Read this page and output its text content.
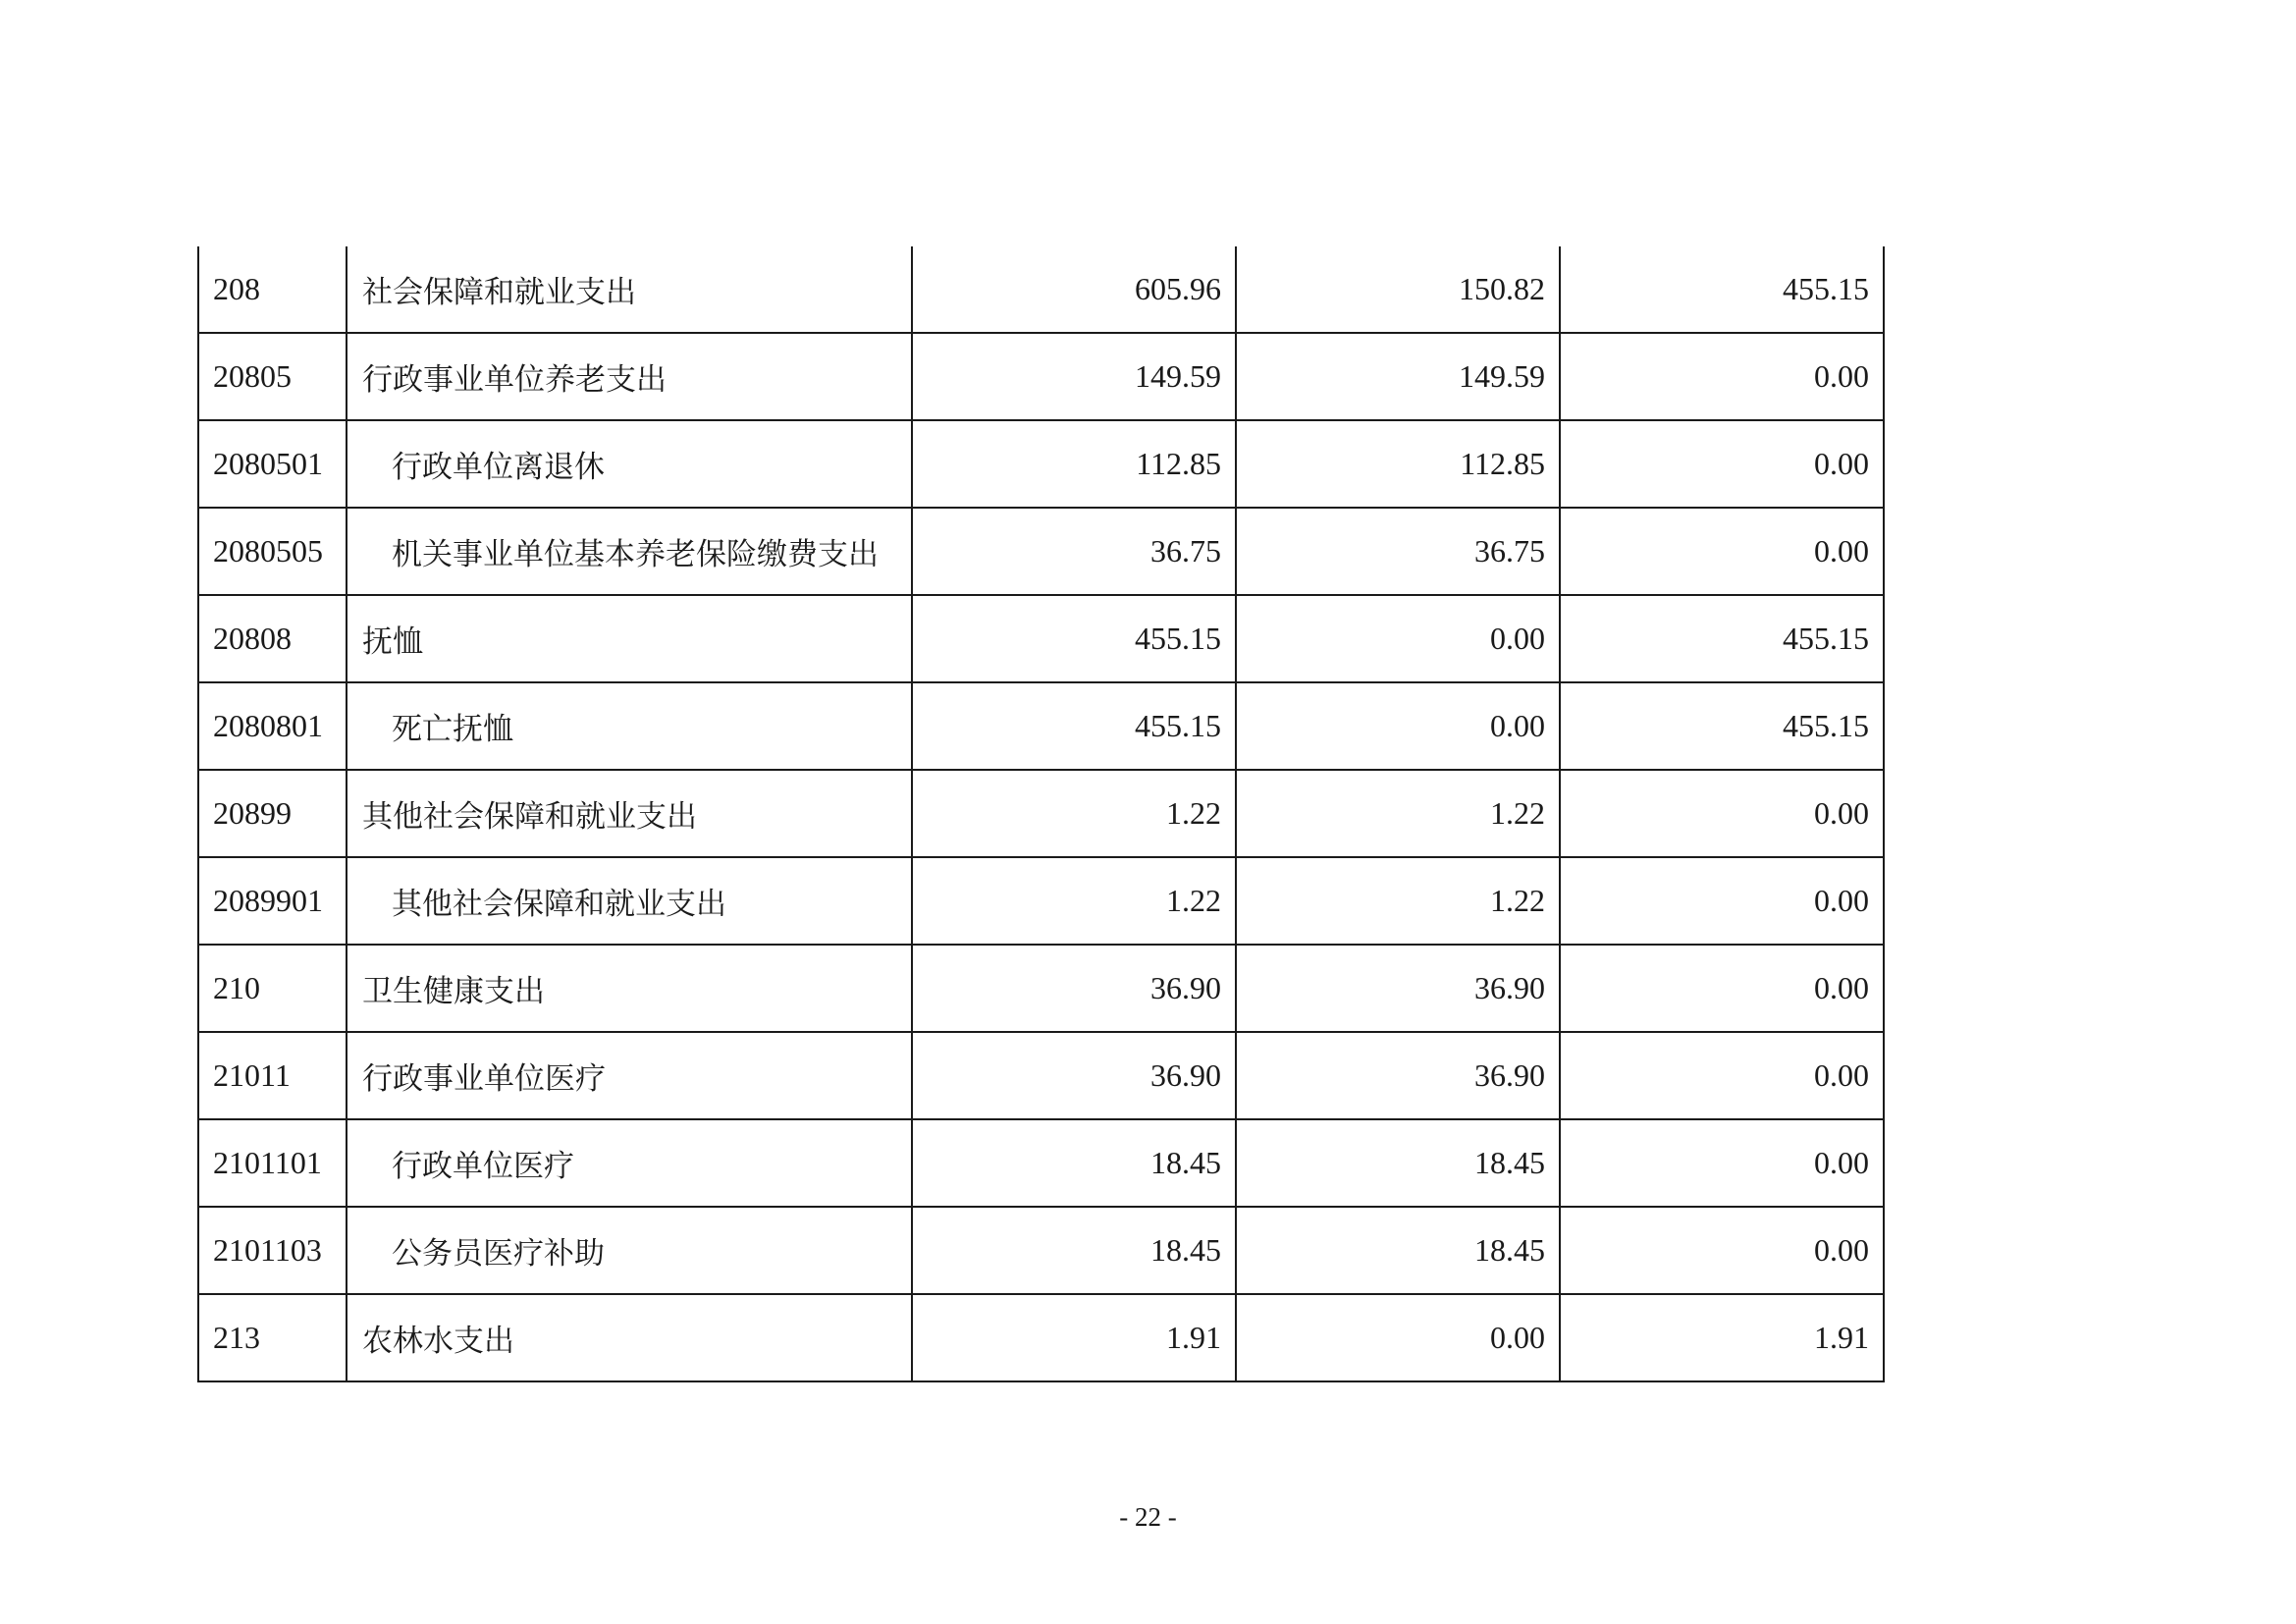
208	社会保障和就业支出	605.96	150.82	455.15
20805	行政事业单位养老支出	149.59	149.59	0.00
2080501	行政单位离退休	112.85	112.85	0.00
2080505	机关事业单位基本养老保险缴费支出	36.75	36.75	0.00
20808	抚恤	455.15	0.00	455.15
2080801	死亡抚恤	455.15	0.00	455.15
20899	其他社会保障和就业支出	1.22	1.22	0.00
2089901	其他社会保障和就业支出	1.22	1.22	0.00
210	卫生健康支出	36.90	36.90	0.00
21011	行政事业单位医疗	36.90	36.90	0.00
2101101	行政单位医疗	18.45	18.45	0.00
2101103	公务员医疗补助	18.45	18.45	0.00
213	农林水支出	1.91	0.00	1.91
- 22 -
